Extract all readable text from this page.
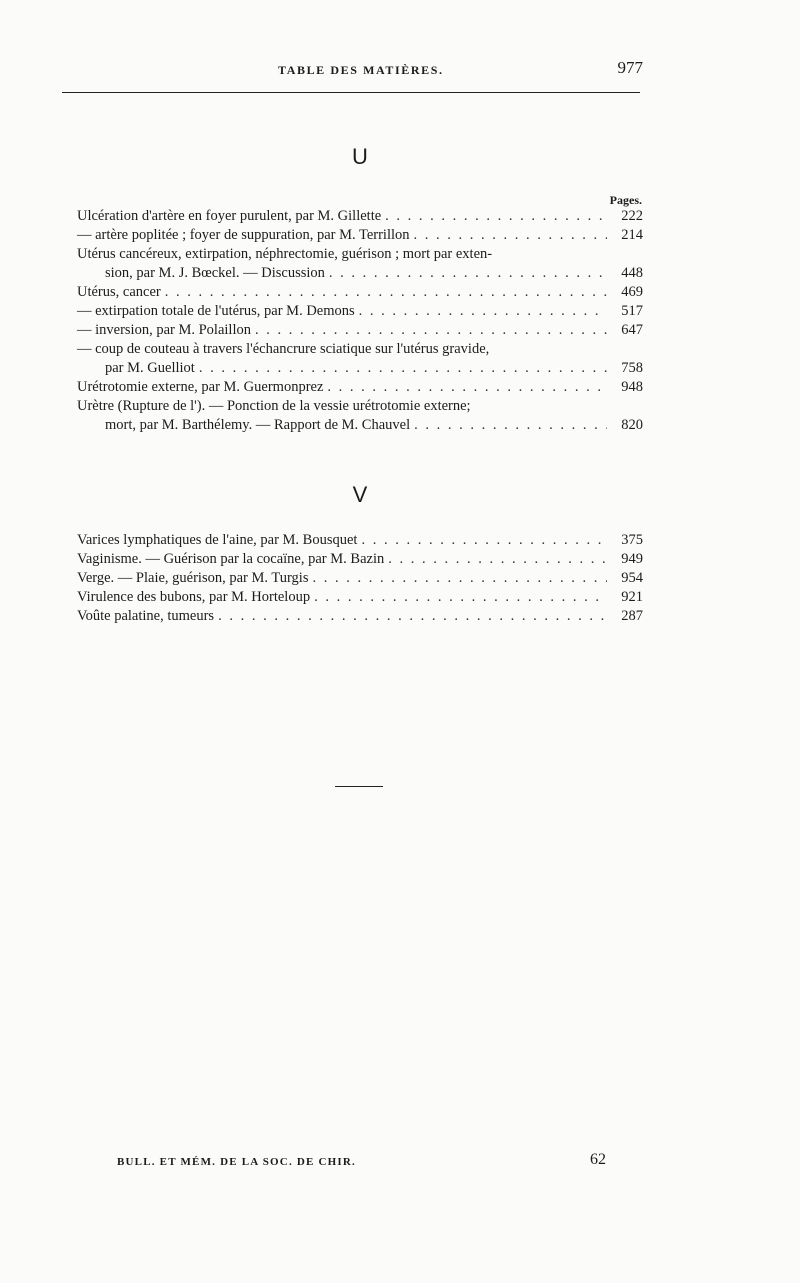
TABLE DES MATIÈRES.	977
U
Pages.
Ulcération d'artère en foyer purulent, par M. Gillette . . .	222
— artère poplitée ; foyer de suppuration, par M. Terrillon . . .	214
Utérus cancéreux, extirpation, néphrectomie, guérison ; mort par exten-
sion, par M. J. Bœckel. — Discussion . . .	448
Utérus, cancer . . .	469
— extirpation totale de l'utérus, par M. Demons . . .	517
— inversion, par M. Polaillon . . .	647
— coup de couteau à travers l'échancrure sciatique sur l'utérus gravide,
par M. Guelliot . . .	758
Urétrotomie externe, par M. Guermonprez . . .	948
Urètre (Rupture de l'). — Ponction de la vessie urétrotomie externe;
mort, par M. Barthélemy. — Rapport de M. Chauvel . . .	820
V
Varices lymphatiques de l'aine, par M. Bousquet . . .	375
Vaginisme. — Guérison par la cocaïne, par M. Bazin . . .	949
Verge. — Plaie, guérison, par M. Turgis . . .	954
Virulence des bubons, par M. Horteloup . . .	921
Voûte palatine, tumeurs . . .	287
BULL. ET MÉM. DE LA SOC. DE CHIR.	62
